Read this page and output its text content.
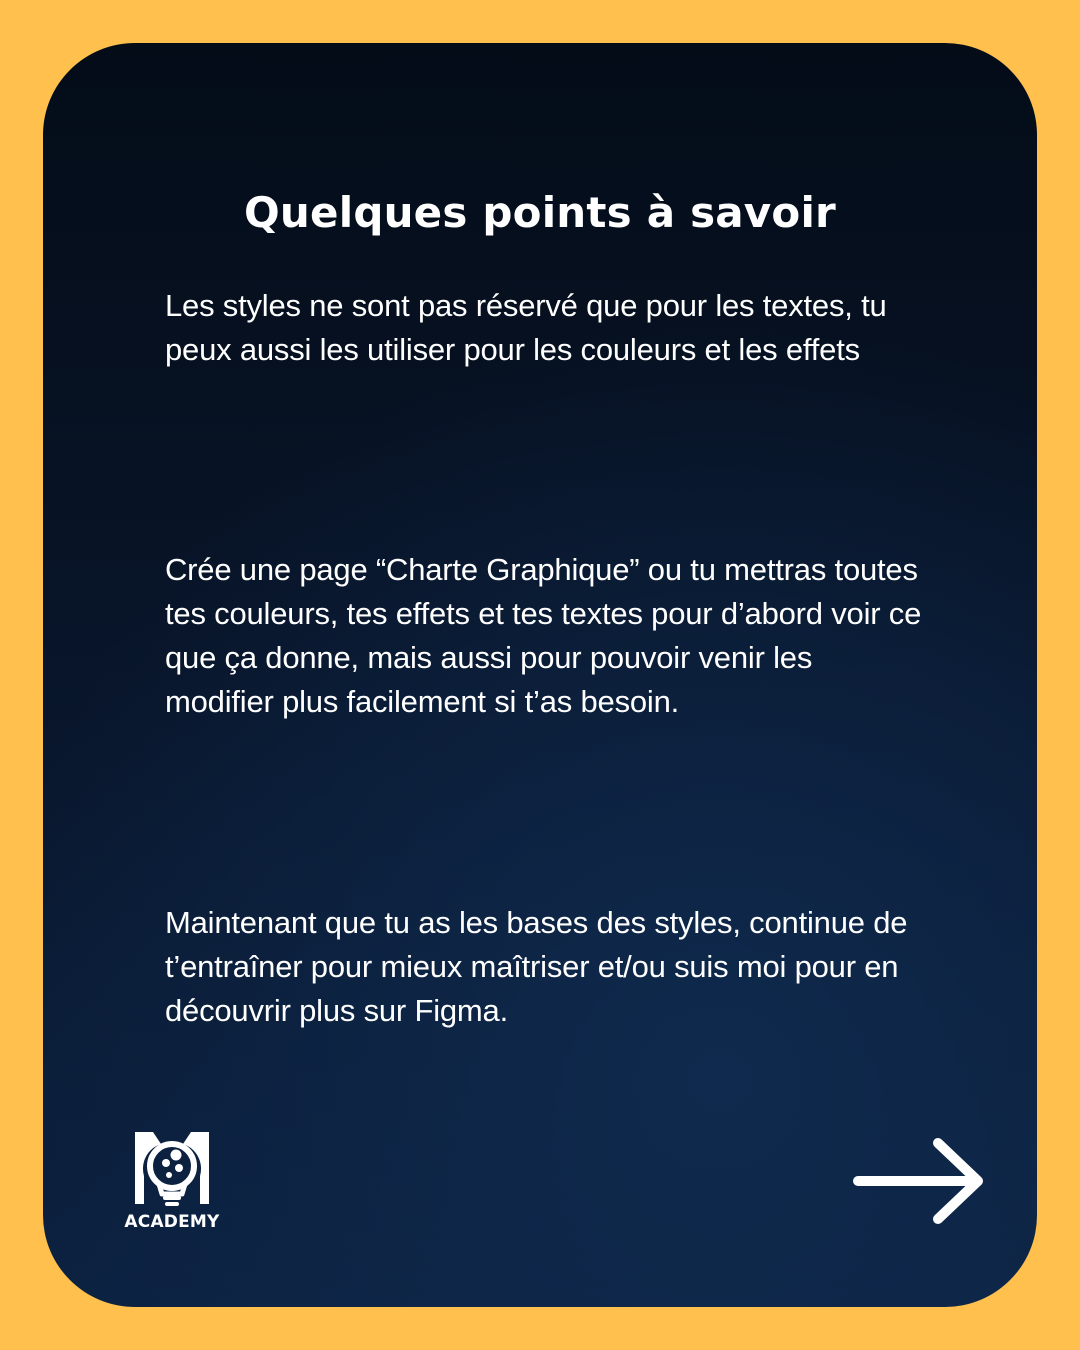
Quelques points à savoir

Les styles ne sont pas réservé que pour les textes, tu peux aussi les utiliser pour les couleurs et les effets

Crée une page “Charte Graphique” ou tu mettras toutes tes couleurs, tes effets et tes textes pour d’abord voir ce que ça donne, mais aussi pour pouvoir venir les modifier plus facilement si t’as besoin.

Maintenant que tu as les bases des styles, continue de t’entraîner pour mieux maîtriser et/ou suis moi pour en découvrir plus sur Figma.

ACADEMY
